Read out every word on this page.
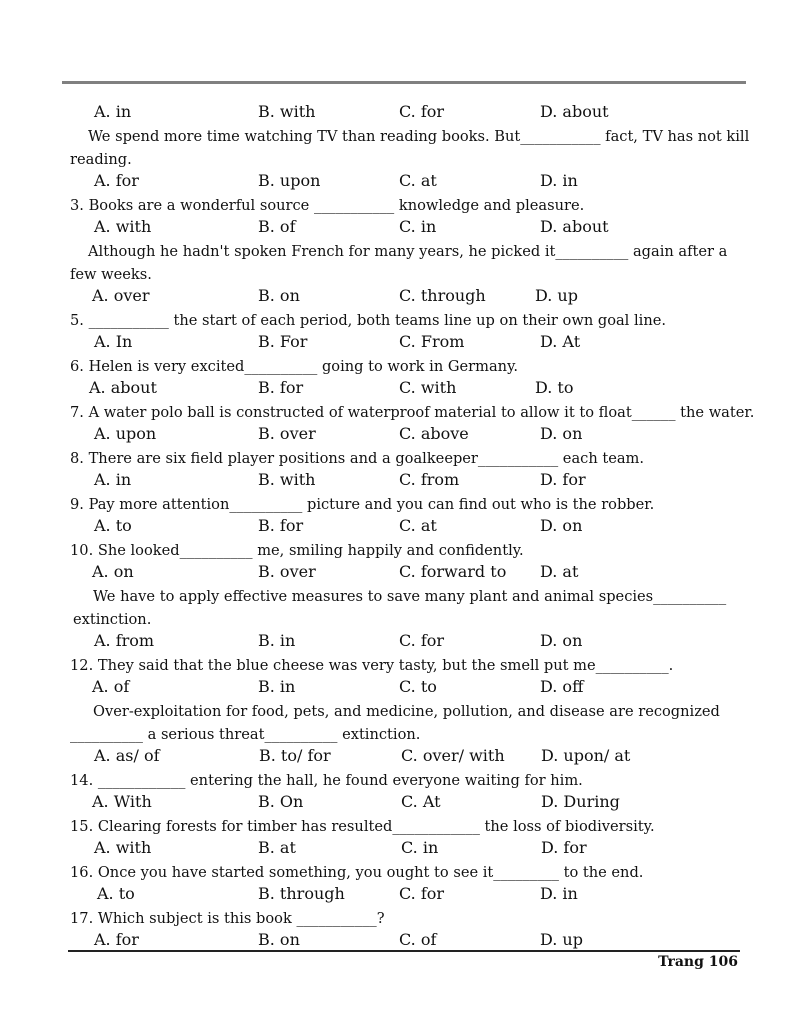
A. in	B. with	C. for	D. about
We spend more time watching TV than reading books. But___________ fact, TV has not kill
reading.
A. for	B. upon	C. at	D. in
3. Books are a wonderful source ___________ knowledge and pleasure.
A. with	B. of	C. in	D. about
Although he hadn't spoken French for many years, he picked it__________ again after a
few weeks.
A. over	B. on	C. through	D. up
5. ___________ the start of each period, both teams line up on their own goal line.
A. In	B. For	C. From	D. At
6. Helen is very excited__________ going to work in Germany.
A. about	B. for	C. with	D. to
7. A water polo ball is constructed of waterproof material to allow it to float______ the water.
A. upon	B. over	C. above	D. on
8. There are six field player positions and a goalkeeper___________ each team.
A. in	B. with	C. from	D. for
9. Pay more attention__________ picture and you can find out who is the robber.
A. to	B. for	C. at	D. on
10. She looked__________ me, smiling happily and confidently.
A. on	B. over	C. forward to D. at
We have to apply effective measures to save many plant and animal species__________
extinction.
A. from	B. in	C. for	D. on
12. They said that the blue cheese was very tasty, but the smell put me__________.
A. of	B. in	C. to	D. off
Over-exploitation for food, pets, and medicine, pollution, and disease are recognized
__________ a serious threat__________ extinction.
A. as/ of	B. to/ for	C. over/ with D. upon/ at
14. ____________ entering the hall, he found everyone waiting for him.
A. With	B. On	C. At	D. During
15. Clearing forests for timber has resulted____________ the loss of biodiversity.
A. with	B. at	C. in	D. for
16. Once you have started something, you ought to see it_________ to the end.
A. to	B. through	C. for	D. in
17. Which subject is this book ___________?
A. for	B. on	C. of	D. up
Trang 106
